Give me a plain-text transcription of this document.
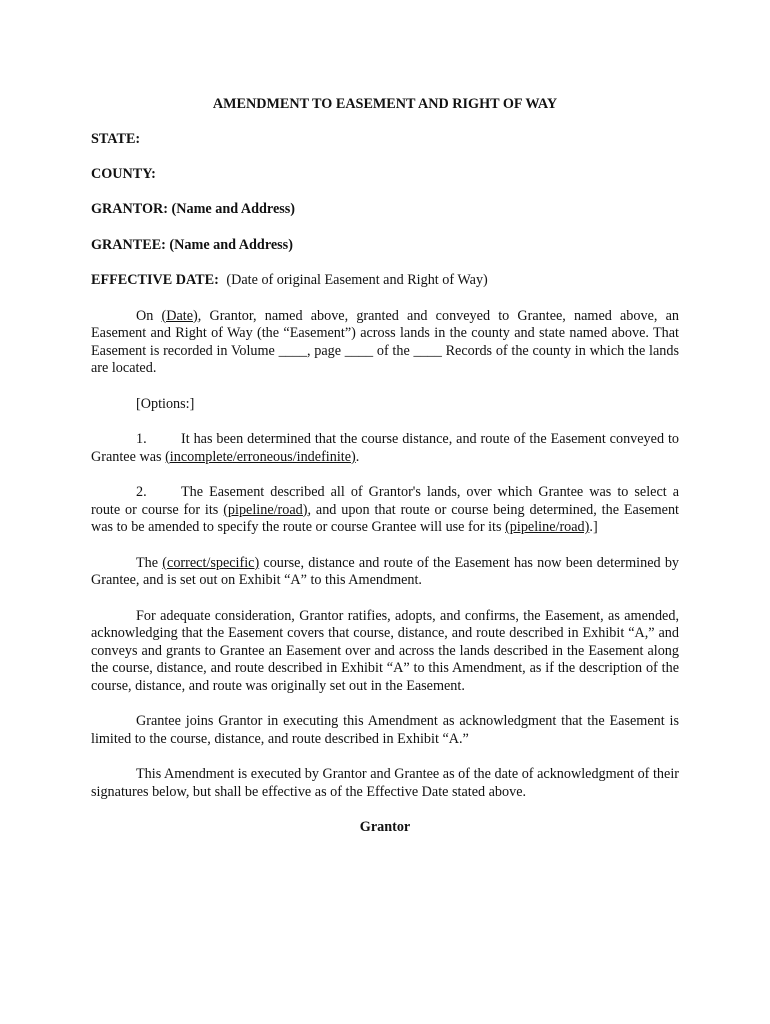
AMENDMENT TO EASEMENT AND RIGHT OF WAY
STATE:
COUNTY:
GRANTOR: (Name and Address)
GRANTEE: (Name and Address)
EFFECTIVE DATE: (Date of original Easement and Right of Way)

On (Date), Grantor, named above, granted and conveyed to Grantee, named above, an Easement and Right of Way (the “Easement”) across lands in the county and state named above. That Easement is recorded in Volume ____, page ____ of the ____ Records of the county in which the lands are located.

[Options:]

1. It has been determined that the course distance, and route of the Easement conveyed to Grantee was (incomplete/erroneous/indefinite).

2. The Easement described all of Grantor's lands, over which Grantee was to select a route or course for its (pipeline/road), and upon that route or course being determined, the Easement was to be amended to specify the route or course Grantee will use for its (pipeline/road).]

The (correct/specific) course, distance and route of the Easement has now been determined by Grantee, and is set out on Exhibit “A” to this Amendment.

For adequate consideration, Grantor ratifies, adopts, and confirms, the Easement, as amended, acknowledging that the Easement covers that course, distance, and route described in Exhibit “A,” and conveys and grants to Grantee an Easement over and across the lands described in the Easement along the course, distance, and route described in Exhibit “A” to this Amendment, as if the description of the course, distance, and route was originally set out in the Easement.

Grantee joins Grantor in executing this Amendment as acknowledgment that the Easement is limited to the course, distance, and route described in Exhibit “A.”

This Amendment is executed by Grantor and Grantee as of the date of acknowledgment of their signatures below, but shall be effective as of the Effective Date stated above.

Grantor
